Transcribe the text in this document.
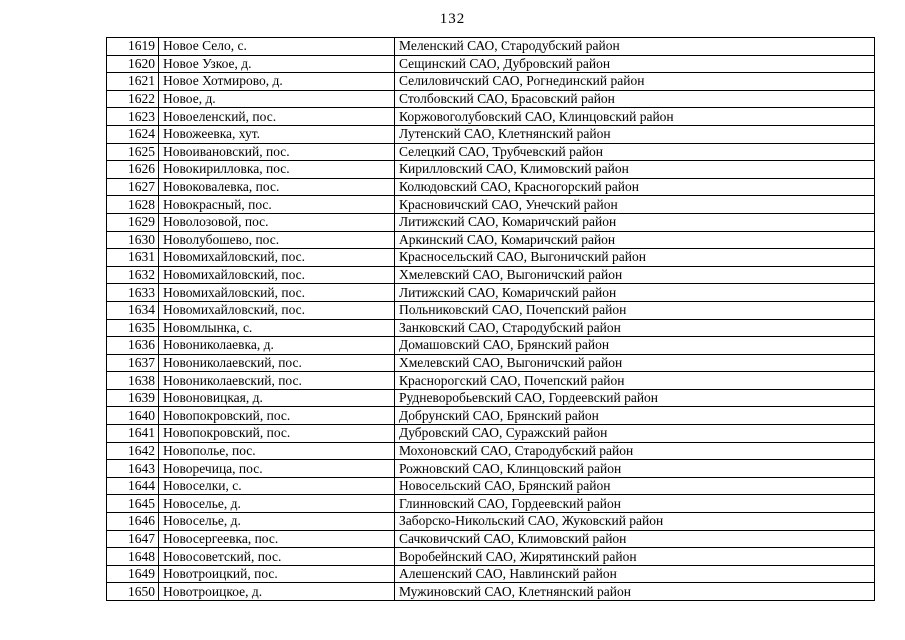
132
1619	Новое Село, с.	Меленский САО, Стародубский район
1620	Новое Узкое, д.	Сещинский САО, Дубровский район
1621	Новое Хотмирово, д.	Селиловичский САО, Рогнединский район
1622	Новое, д.	Столбовский САО, Брасовский район
1623	Новоеленский, пос.	Коржовоголубовский САО, Клинцовский район
1624	Новожеевка, хут.	Лутенский САО, Клетнянский район
1625	Новоивановский, пос.	Селецкий САО, Трубчевский район
1626	Новокирилловка, пос.	Кирилловский САО, Климовский район
1627	Новоковалевка, пос.	Колюдовский САО, Красногорский район
1628	Новокрасный, пос.	Красновичский САО, Унечский район
1629	Новолозовой, пос.	Литижский САО, Комаричский район
1630	Новолубошево, пос.	Аркинский САО, Комаричский район
1631	Новомихайловский, пос.	Красносельский САО, Выгоничский район
1632	Новомихайловский, пос.	Хмелевский САО, Выгоничский район
1633	Новомихайловский, пос.	Литижский САО, Комаричский район
1634	Новомихайловский, пос.	Польниковский САО, Почепский район
1635	Новомлынка, с.	Занковский САО, Стародубский район
1636	Новониколаевка, д.	Домашовский САО, Брянский район
1637	Новониколаевский, пос.	Хмелевский САО, Выгоничский район
1638	Новониколаевский, пос.	Краснорогский САО, Почепский район
1639	Новоновицкая, д.	Рудневоробьевский САО, Гордеевский район
1640	Новопокровский, пос.	Добрунский САО, Брянский район
1641	Новопокровский, пос.	Дубровский САО, Суражский район
1642	Новополье, пос.	Мохоновский САО, Стародубский район
1643	Новоречица, пос.	Рожновский САО, Клинцовский район
1644	Новоселки, с.	Новосельский САО, Брянский район
1645	Новоселье, д.	Глинновский САО, Гордеевский район
1646	Новоселье, д.	Заборско-Никольский САО, Жуковский район
1647	Новосергеевка, пос.	Сачковичский САО, Климовский район
1648	Новосоветский, пос.	Воробейнский САО, Жирятинский район
1649	Новотроицкий, пос.	Алешенский САО, Навлинский район
1650	Новотроицкое, д.	Мужиновский САО, Клетнянский район
